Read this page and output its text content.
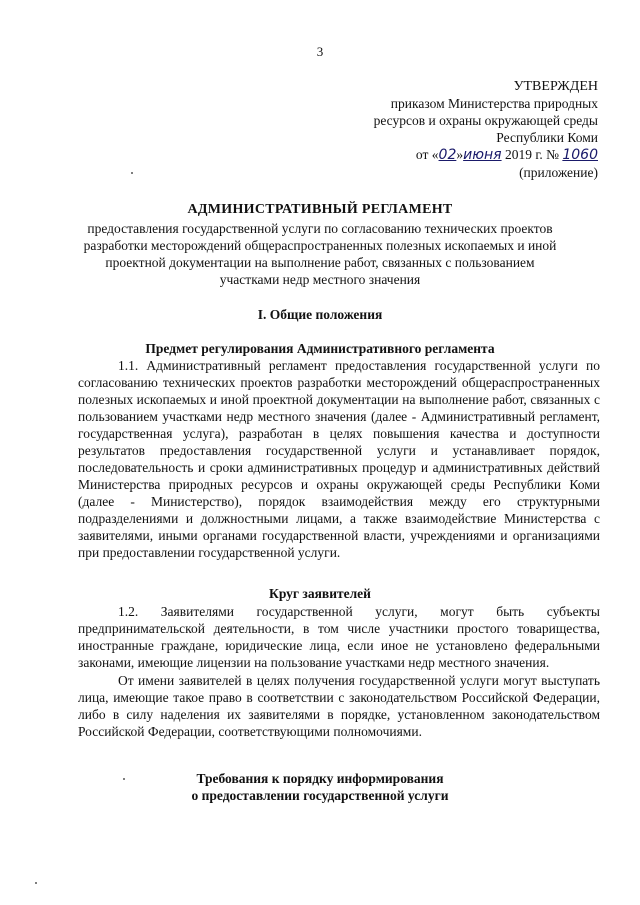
3
УТВЕРЖДЕН
приказом Министерства природных
ресурсов и охраны окружающей среды
Республики Коми
от «02»июня 2019 г. № 1060
(приложение)
АДМИНИСТРАТИВНЫЙ РЕГЛАМЕНТ
предоставления государственной услуги по согласованию технических проектов разработки месторождений общераспространенных полезных ископаемых и иной проектной документации на выполнение работ, связанных с пользованием участками недр местного значения
I. Общие положения
Предмет регулирования Административного регламента

1.1. Административный регламент предоставления государственной услуги по согласованию технических проектов разработки месторождений общераспространенных полезных ископаемых и иной проектной документации на выполнение работ, связанных с пользованием участками недр местного значения (далее - Административный регламент, государственная услуга), разработан в целях повышения качества и доступности результатов предоставления государственной услуги и устанавливает порядок, последовательность и сроки административных процедур и административных действий Министерства природных ресурсов и охраны окружающей среды Республики Коми (далее - Министерство), порядок взаимодействия между его структурными подразделениями и должностными лицами, а также взаимодействие Министерства с заявителями, иными органами государственной власти, учреждениями и организациями при предоставлении государственной услуги.

Круг заявителей

1.2. Заявителями государственной услуги, могут быть субъекты предпринимательской деятельности, в том числе участники простого товарищества, иностранные граждане, юридические лица, если иное не установлено федеральными законами, имеющие лицензии на пользование участками недр местного значения.

От имени заявителей в целях получения государственной услуги могут выступать лица, имеющие такое право в соответствии с законодательством Российской Федерации, либо в силу наделения их заявителями в порядке, установленном законодательством Российской Федерации, соответствующими полномочиями.

Требования к порядку информирования
о предоставлении государственной услуги
